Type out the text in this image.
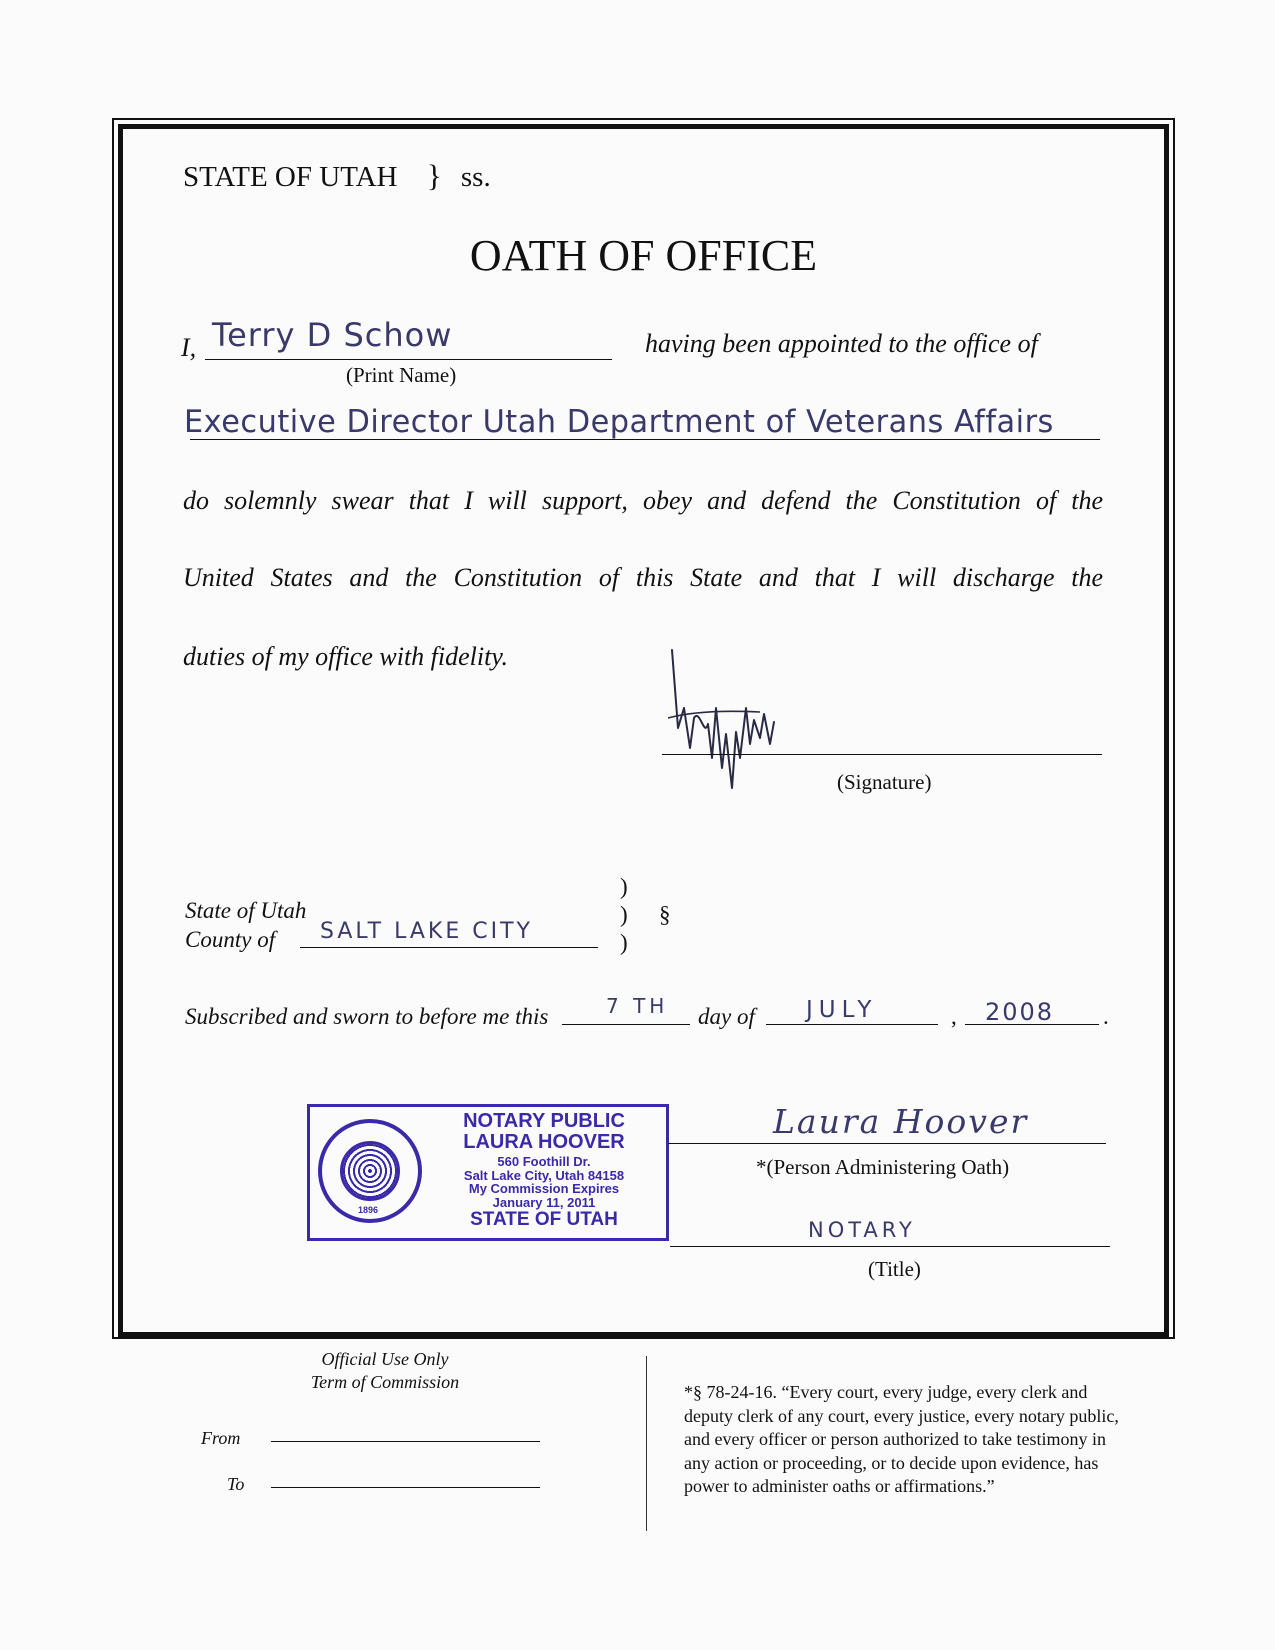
STATE OF UTAH } ss.
OATH OF OFFICE
I, Terry D Schow
(Print Name)
having been appointed to the office of
Executive Director Utah Department of Veterans Affairs
do solemnly swear that I will support, obey and defend the Constitution of the
United States and the Constitution of this State and that I will discharge the
duties of my office with fidelity.
(Signature)
State of Utah
County of SALT LAKE CITY
)
)
)
§
Subscribed and sworn to before me this	7 TH day of JULY	, 2008 .
1896
NOTARY PUBLIC
LAURA HOOVER
560 Foothill Dr.
Salt Lake City, Utah 84158
My Commission Expires
January 11, 2011
STATE OF UTAH
Laura Hoover
*(Person Administering Oath)
NOTARY
(Title)
Official Use Only
Term of Commission
From
To
*§ 78-24-16. “Every court, every judge, every clerk and
deputy clerk of any court, every justice, every notary public,
and every officer or person authorized to take testimony in
any action or proceeding, or to decide upon evidence, has
power to administer oaths or affirmations.”
